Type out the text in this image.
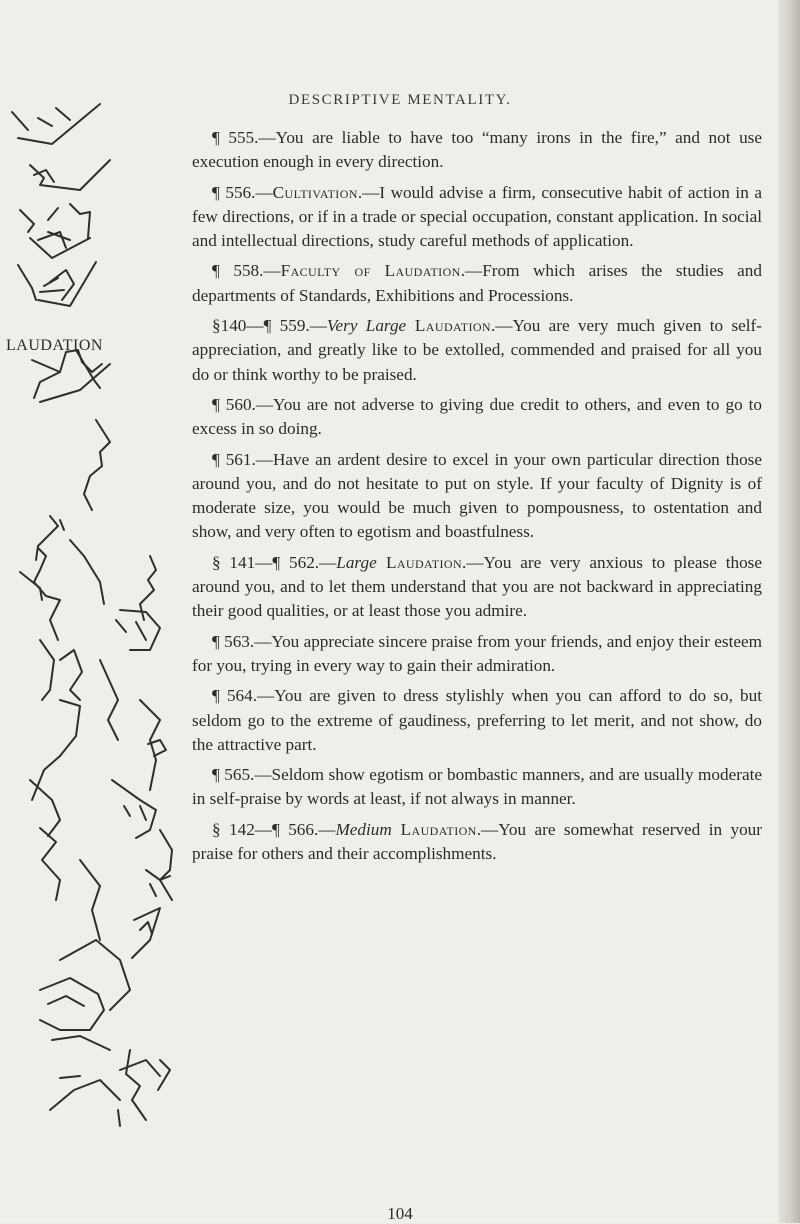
DESCRIPTIVE MENTALITY.
LAUDATION

¶ 555.—You are liable to have too “many irons in the fire,” and not use execution enough in every direction.

¶ 556.—Cultivation.—I would advise a firm, consecutive habit of action in a few directions, or if in a trade or special occupation, constant application. In social and intellectual directions, study careful methods of application.

¶ 558.—Faculty of Laudation.—From which arises the studies and departments of Standards, Exhibitions and Processions.

§140—¶ 559.—Very Large Laudation.—You are very much given to self-appreciation, and greatly like to be extolled, commended and praised for all you do or think worthy to be praised.

¶ 560.—You are not adverse to giving due credit to others, and even to go to excess in so doing.

¶ 561.—Have an ardent desire to excel in your own particular direction those around you, and do not hesitate to put on style. If your faculty of Dignity is of moderate size, you would be much given to pompousness, to ostentation and show, and very often to egotism and boastfulness.

§ 141—¶ 562.—Large Laudation.—You are very anxious to please those around you, and to let them understand that you are not backward in appreciating their good qualities, or at least those you admire.

¶ 563.—You appreciate sincere praise from your friends, and enjoy their esteem for you, trying in every way to gain their admiration.

¶ 564.—You are given to dress stylishly when you can afford to do so, but seldom go to the extreme of gaudiness, preferring to let merit, and not show, do the attractive part.

¶ 565.—Seldom show egotism or bombastic manners, and are usually moderate in self-praise by words at least, if not always in manner.

§ 142—¶ 566.—Medium Laudation.—You are somewhat reserved in your praise for others and their accomplishments.

104
